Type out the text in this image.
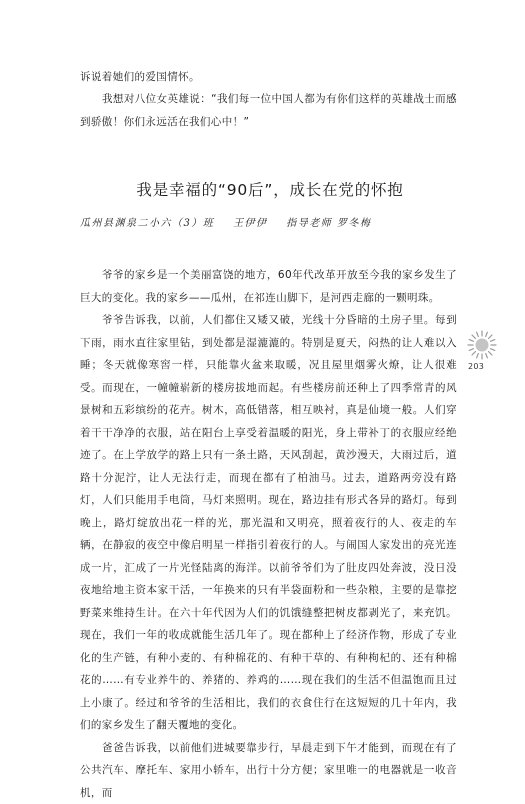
诉说着她们的爱国情怀。

我想对八位女英雄说：“我们每一位中国人都为有你们这样的英雄战士而感到骄傲！你们永远活在我们心中！”

我是幸福的“90后”，成长在党的怀抱
瓜州县渊泉二小六（3）班 王伊伊 指导老师 罗冬梅

爷爷的家乡是一个美丽富饶的地方，60年代改革开放至今我的家乡发生了巨大的变化。我的家乡——瓜州，在祁连山脚下，是河西走廊的一颗明珠。

爷爷告诉我，以前，人们都住又矮又破，光线十分昏暗的土房子里。每到下雨，雨水直往家里钻，到处都是湿漉漉的。特别是夏天，闷热的让人难以入睡；冬天就像寒窖一样，只能靠火盆来取暖，况且屋里烟雾火燎，让人很难受。而现在，一幢幢崭新的楼房拔地而起。有些楼房前还种上了四季常青的风景树和五彩缤纷的花卉。树木，高低错落，相互映衬，真是仙境一般。人们穿着干干净净的衣服，站在阳台上享受着温暖的阳光，身上带补丁的衣服应经绝迹了。在上学放学的路上只有一条土路，天风刮起，黄沙漫天，大雨过后，道路十分泥泞，让人无法行走，而现在都有了柏油马。过去，道路两旁没有路灯，人们只能用手电筒，马灯来照明。现在，路边挂有形式各异的路灯。每到晚上，路灯绽放出花一样的光，那光温和又明亮，照着夜行的人、夜走的车辆，在静寂的夜空中像启明星一样指引着夜行的人。与闹国人家发出的亮光连成一片，汇成了一片光怪陆离的海洋。以前爷爷们为了肚皮四处奔波，没日没夜地给地主资本家干活，一年换来的只有半袋面粉和一些杂粮，主要的是靠挖野菜来维持生计。在六十年代因为人们的饥饿缝整把树皮都剥光了，来充饥。现在，我们一年的收成就能生活几年了。现在都种上了经济作物，形成了专业化的生产链，有种小麦的、有种棉花的、有种干草的、有种枸杞的、还有种棉花的……有专业养牛的、养猪的、养鸡的……现在我们的生活不但温饱而且过上小康了。经过和爷爷的生活相比，我们的衣食住行在这短短的几十年内，我们的家乡发生了翻天覆地的变化。

爸爸告诉我，以前他们进城要靠步行，早晨走到下午才能到，而现在有了公共汽车、摩托车、家用小轿车，出行十分方便；家里唯一的电器就是一收音机，而

203
